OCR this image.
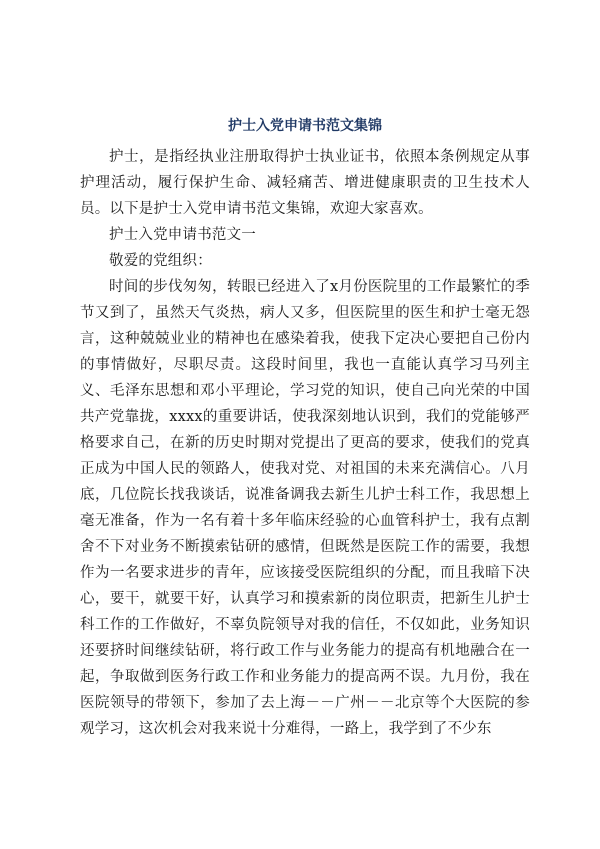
护士入党申请书范文集锦

护士，是指经执业注册取得护士执业证书，依照本条例规定从事护理活动，履行保护生命、减轻痛苦、增进健康职责的卫生技术人员。以下是护士入党申请书范文集锦，欢迎大家喜欢。

护士入党申请书范文一

敬爱的党组织：

时间的步伐匆匆，转眼已经进入了x月份医院里的工作最繁忙的季节又到了，虽然天气炎热，病人又多，但医院里的医生和护士毫无怨言，这种兢兢业业的精神也在感染着我，使我下定决心要把自己份内的事情做好，尽职尽责。这段时间里，我也一直能认真学习马列主义、毛泽东思想和邓小平理论，学习党的知识，使自己向光荣的中国共产党靠拢，xxxx的重要讲话，使我深刻地认识到，我们的党能够严格要求自己，在新的历史时期对党提出了更高的要求，使我们的党真正成为中国人民的领路人，使我对党、对祖国的未来充满信心。八月底，几位院长找我谈话，说准备调我去新生儿护士科工作，我思想上毫无准备，作为一名有着十多年临床经验的心血管科护士，我有点割舍不下对业务不断摸索钻研的感情，但既然是医院工作的需要，我想作为一名要求进步的青年，应该接受医院组织的分配，而且我暗下决心，要干，就要干好，认真学习和摸索新的岗位职责，把新生儿护士科工作的工作做好，不辜负院领导对我的信任，不仅如此，业务知识还要挤时间继续钻研，将行政工作与业务能力的提高有机地融合在一起，争取做到医务行政工作和业务能力的提高两不误。九月份，我在医院领导的带领下，参加了去上海－－广州－－北京等个大医院的参观学习，这次机会对我来说十分难得，一路上，我学到了不少东
